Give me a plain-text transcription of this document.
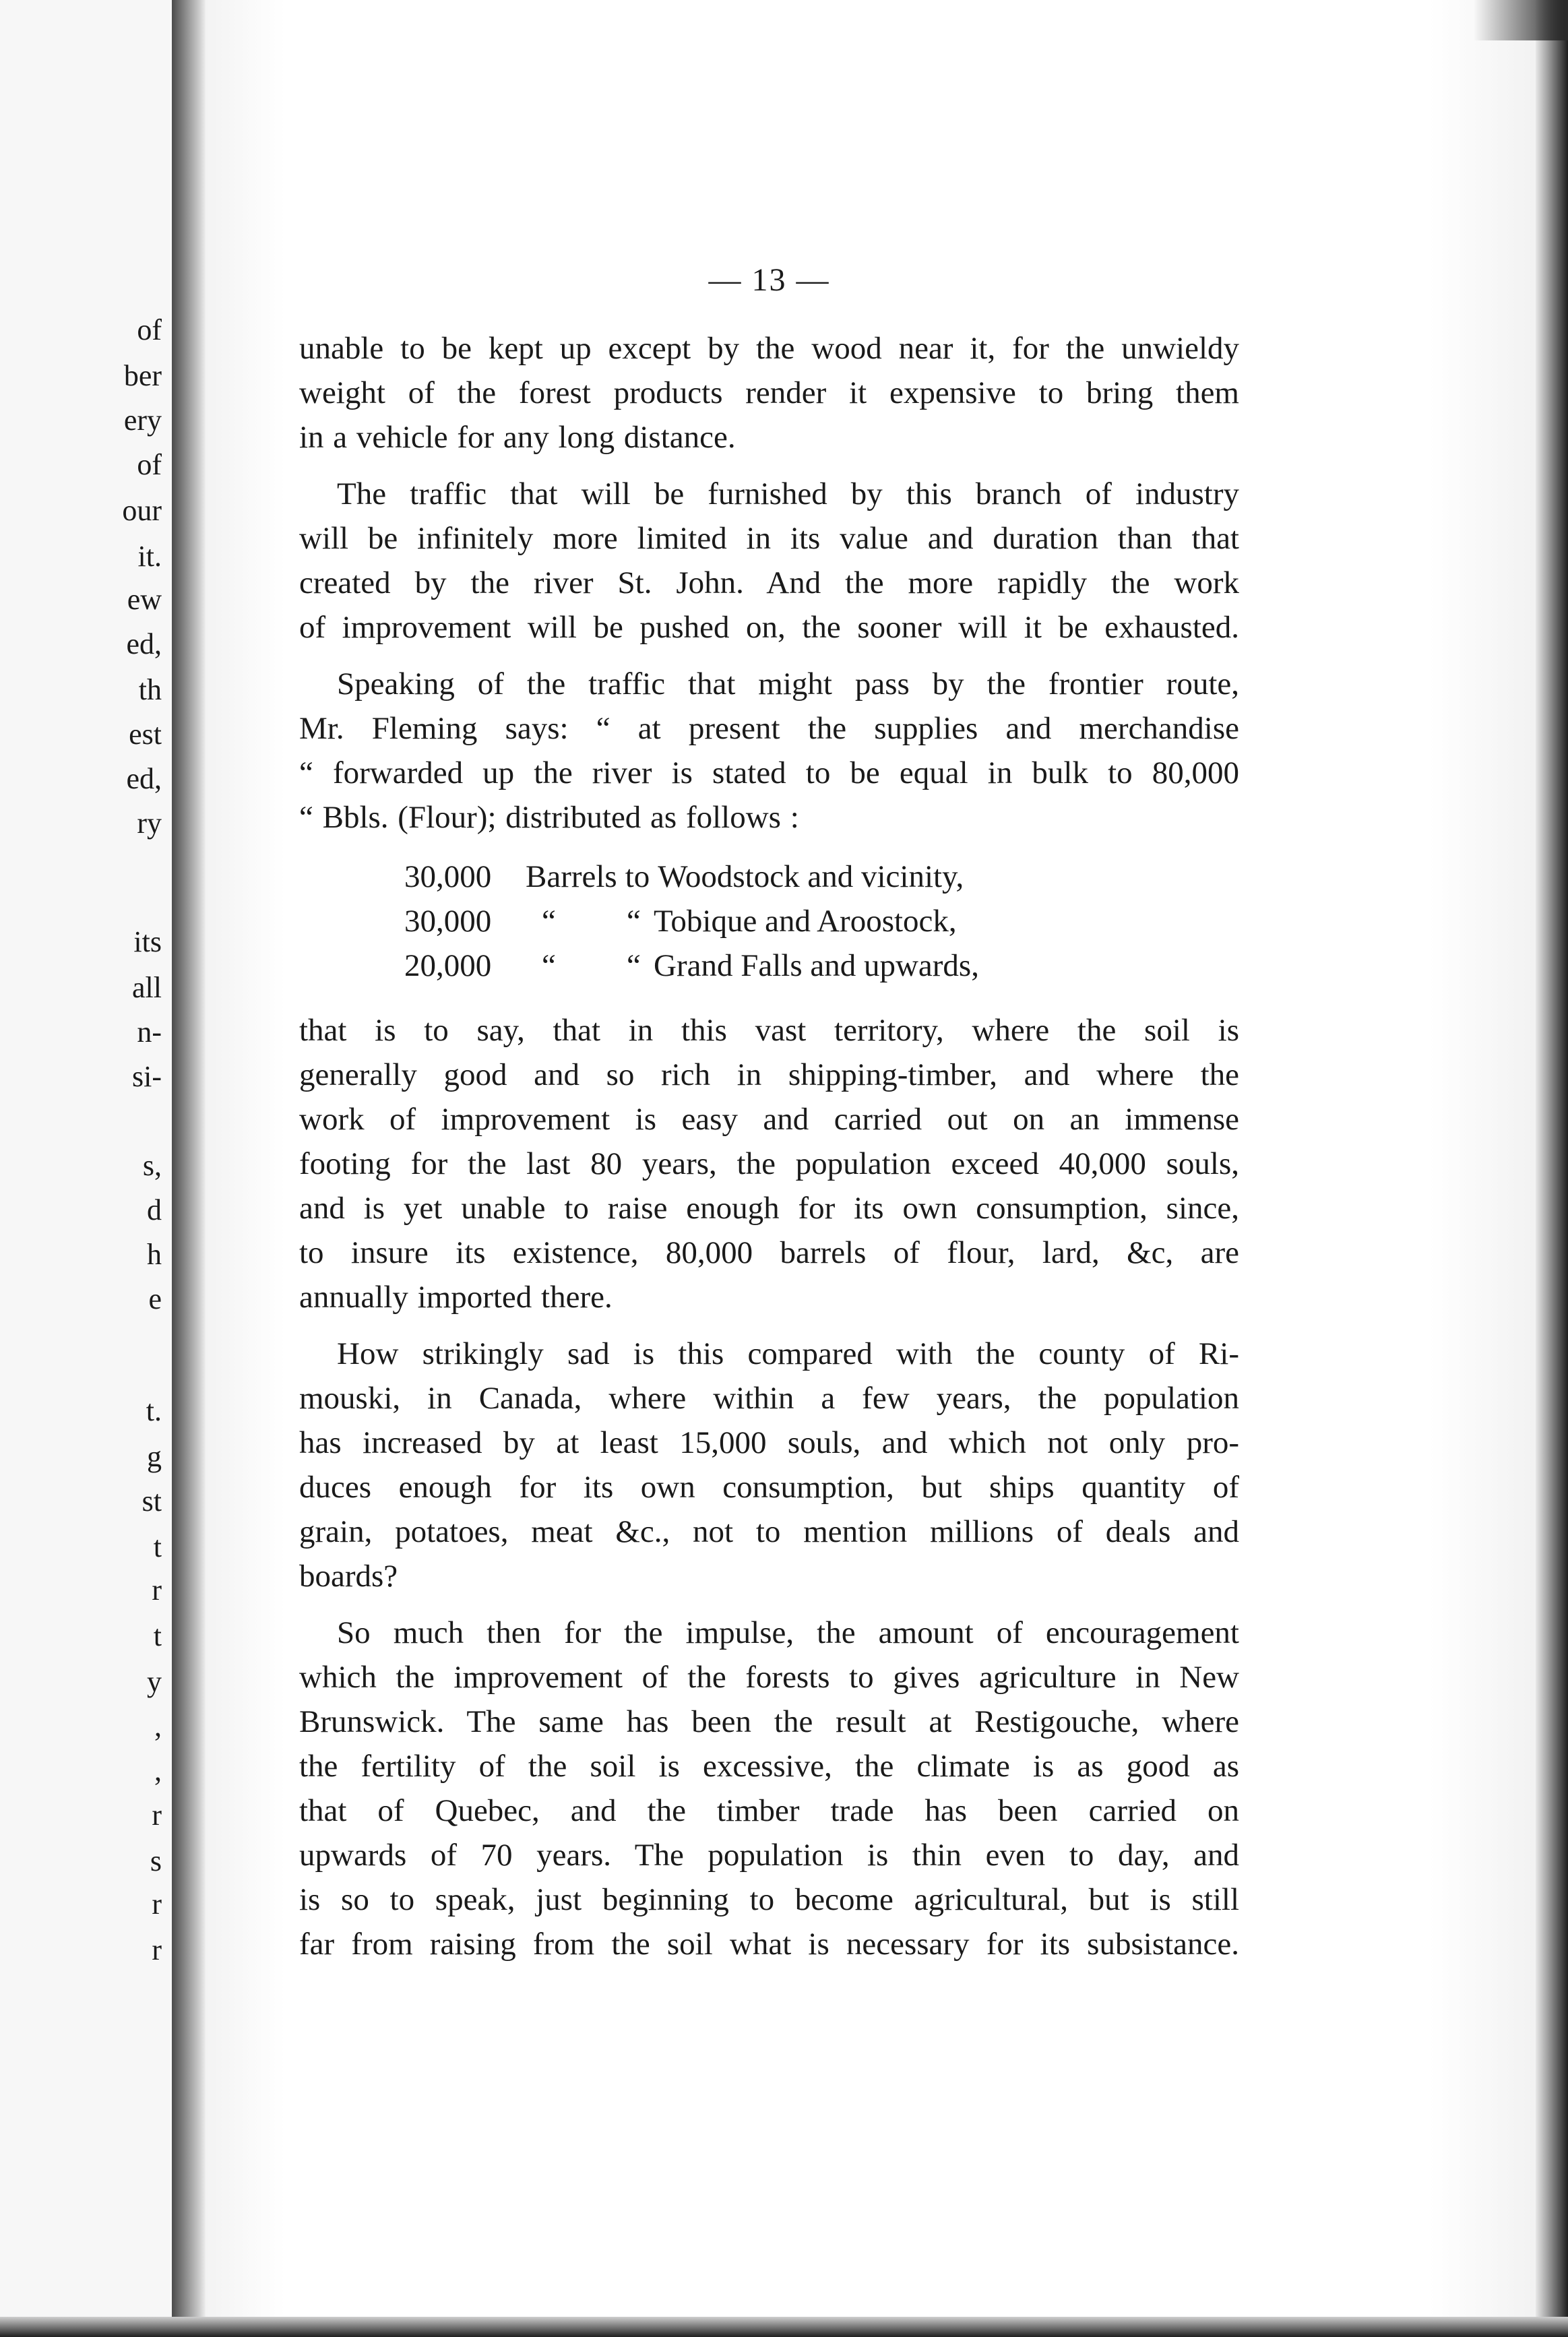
of
ber
ery
of
our
it.
ew
ed,
th
est
ed,
ry
its
all
n-
si-
s,
d
h
e
t.
g
st
t
r
t
y
,
,
r
s
r
r
— 13 —
unable to be kept up except by the wood near it, for the unwieldy
weight of the forest products render it expensive to bring them
in a vehicle for any long distance.
The traffic that will be furnished by this branch of industry
will be infinitely more limited in its value and duration than that
created by the river St. John. And the more rapidly the work
of improvement will be pushed on, the sooner will it be exhausted.
Speaking of the traffic that might pass by the frontier route,
Mr. Fleming says: “ at present the supplies and merchandise
“ forwarded up the river is stated to be equal in bulk to 80,000
“ Bbls. (Flour); distributed as follows :
30,000	Barrels to Woodstock and vicinity,
30,000	“	“ Tobique and Aroostock,
20,000	“	“ Grand Falls and upwards,
that is to say, that in this vast territory, where the soil is
generally good and so rich in shipping-timber, and where the
work of improvement is easy and carried out on an immense
footing for the last 80 years, the population exceed 40,000 souls,
and is yet unable to raise enough for its own consumption, since,
to insure its existence, 80,000 barrels of flour, lard, &c, are
annually imported there.
How strikingly sad is this compared with the county of Ri-
mouski, in Canada, where within a few years, the population
has increased by at least 15,000 souls, and which not only pro-
duces enough for its own consumption, but ships quantity of
grain, potatoes, meat &c., not to mention millions of deals and
boards?
So much then for the impulse, the amount of encouragement
which the improvement of the forests to gives agriculture in New
Brunswick. The same has been the result at Restigouche, where
the fertility of the soil is excessive, the climate is as good as
that of Quebec, and the timber trade has been carried on
upwards of 70 years. The population is thin even to day, and
is so to speak, just beginning to become agricultural, but is still
far from raising from the soil what is necessary for its subsistance.
